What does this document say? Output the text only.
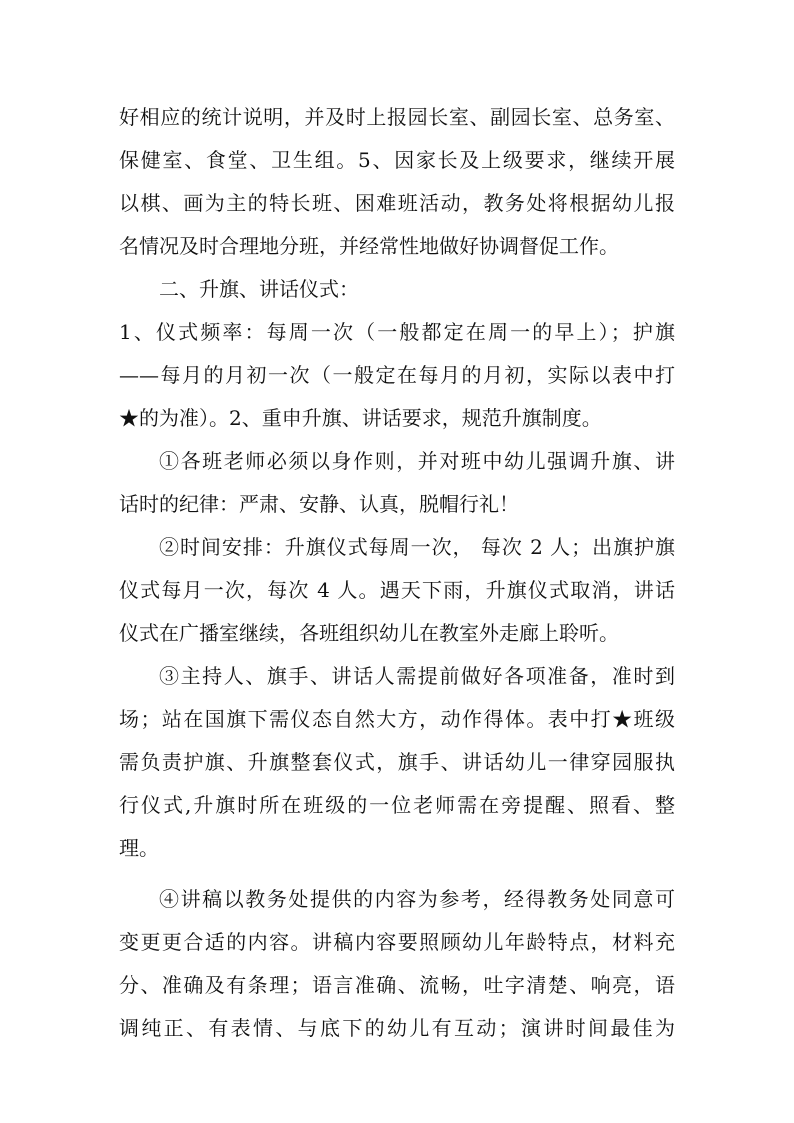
好相应的统计说明，并及时上报园长室、副园长室、总务室、
保健室、食堂、卫生组。5、因家长及上级要求，继续开展
以棋、画为主的特长班、困难班活动，教务处将根据幼儿报
名情况及时合理地分班，并经常性地做好协调督促工作。
二、升旗、讲话仪式：
1、仪式频率：每周一次（一般都定在周一的早上）；护旗
——每月的月初一次（一般定在每月的月初，实际以表中打
★的为准）。2、重申升旗、讲话要求，规范升旗制度。
①各班老师必须以身作则，并对班中幼儿强调升旗、讲
话时的纪律：严肃、安静、认真，脱帽行礼！
②时间安排：升旗仪式每周一次， 每次 2 人；出旗护旗
仪式每月一次，每次 4 人。遇天下雨，升旗仪式取消，讲话
仪式在广播室继续，各班组织幼儿在教室外走廊上聆听。
③主持人、旗手、讲话人需提前做好各项准备，准时到
场；站在国旗下需仪态自然大方，动作得体。表中打★班级
需负责护旗、升旗整套仪式，旗手、讲话幼儿一律穿园服执
行仪式,升旗时所在班级的一位老师需在旁提醒、照看、整
理。
④讲稿以教务处提供的内容为参考，经得教务处同意可
变更更合适的内容。讲稿内容要照顾幼儿年龄特点，材料充
分、准确及有条理；语言准确、流畅，吐字清楚、响亮，语
调纯正、有表情、与底下的幼儿有互动；演讲时间最佳为
